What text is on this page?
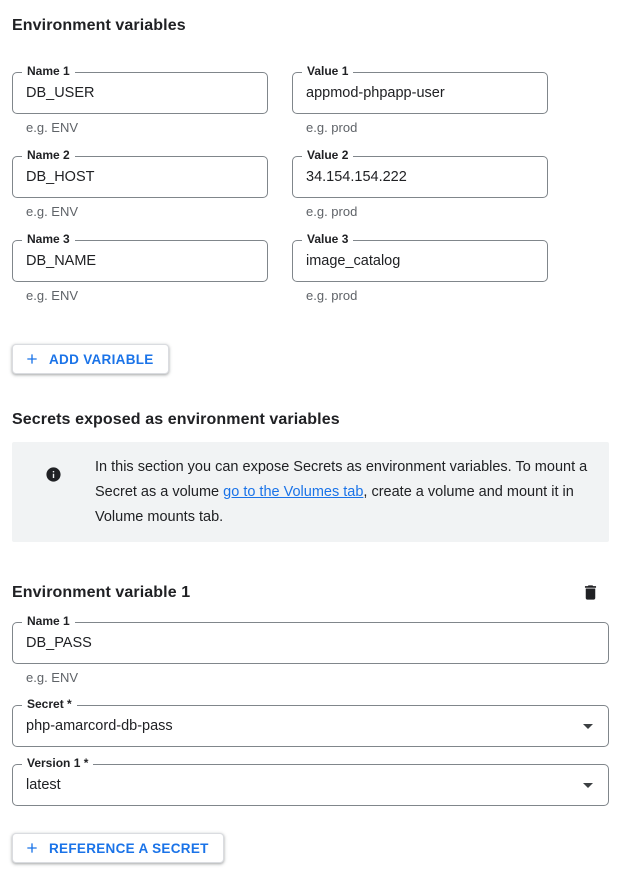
Environment variables
Name 1
DB_USER
e.g. ENV
Value 1
appmod-phpapp-user
e.g. prod
Name 2
DB_HOST
e.g. ENV
Value 2
34.154.154.222
e.g. prod
Name 3
DB_NAME
e.g. ENV
Value 3
image_catalog
e.g. prod
ADD VARIABLE
Secrets exposed as environment variables
In this section you can expose Secrets as environment variables. To mount a Secret as a volume go to the Volumes tab, create a volume and mount it in Volume mounts tab.
Environment variable 1
Name 1
DB_PASS
e.g. ENV
Secret *
php-amarcord-db-pass
Version 1 *
latest
REFERENCE A SECRET
